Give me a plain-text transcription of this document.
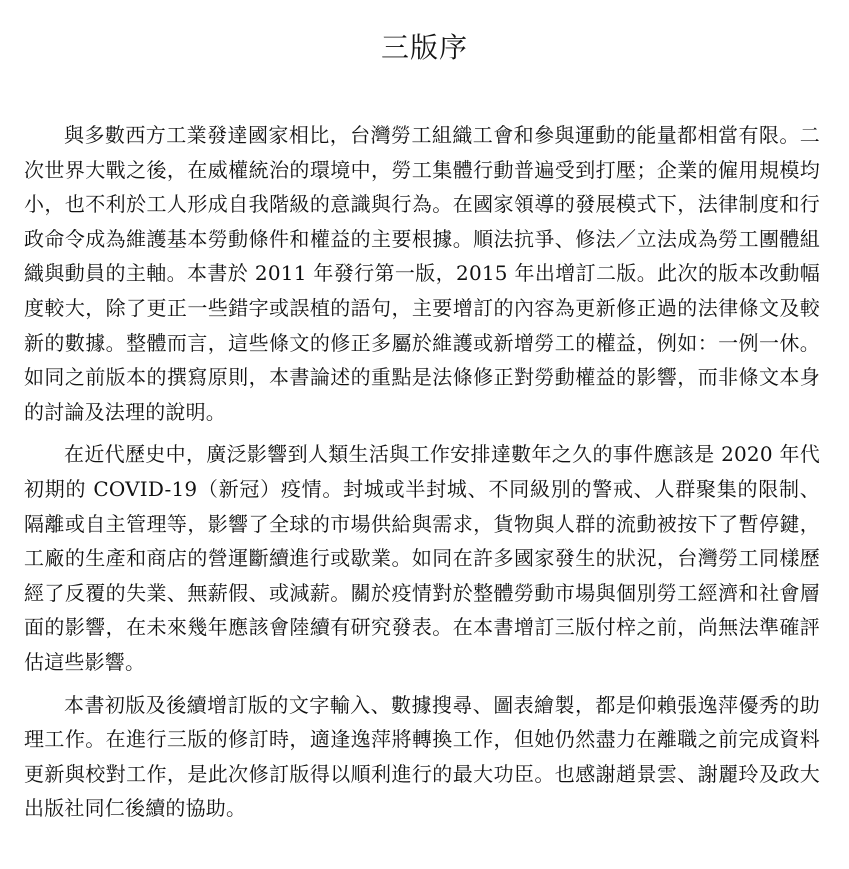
三版序

與多數西方工業發達國家相比，台灣勞工組織工會和參與運動的能量都相當有限。二次世界大戰之後，在威權統治的環境中，勞工集體行動普遍受到打壓；企業的僱用規模均小，也不利於工人形成自我階級的意識與行為。在國家領導的發展模式下，法律制度和行政命令成為維護基本勞動條件和權益的主要根據。順法抗爭、修法／立法成為勞工團體組織與動員的主軸。本書於 2011 年發行第一版，2015 年出增訂二版。此次的版本改動幅度較大，除了更正一些錯字或誤植的語句，主要增訂的內容為更新修正過的法律條文及較新的數據。整體而言，這些條文的修正多屬於維護或新增勞工的權益，例如：一例一休。如同之前版本的撰寫原則，本書論述的重點是法條修正對勞動權益的影響，而非條文本身的討論及法理的說明。

在近代歷史中，廣泛影響到人類生活與工作安排達數年之久的事件應該是 2020 年代初期的 COVID-19（新冠）疫情。封城或半封城、不同級別的警戒、人群聚集的限制、隔離或自主管理等，影響了全球的市場供給與需求，貨物與人群的流動被按下了暫停鍵，工廠的生產和商店的營運斷續進行或歇業。如同在許多國家發生的狀況，台灣勞工同樣歷經了反覆的失業、無薪假、或減薪。關於疫情對於整體勞動市場與個別勞工經濟和社會層面的影響，在未來幾年應該會陸續有研究發表。在本書增訂三版付梓之前，尚無法準確評估這些影響。

本書初版及後續增訂版的文字輸入、數據搜尋、圖表繪製，都是仰賴張逸萍優秀的助理工作。在進行三版的修訂時，適逢逸萍將轉換工作，但她仍然盡力在離職之前完成資料更新與校對工作，是此次修訂版得以順利進行的最大功臣。也感謝趙景雲、謝麗玲及政大出版社同仁後續的協助。
